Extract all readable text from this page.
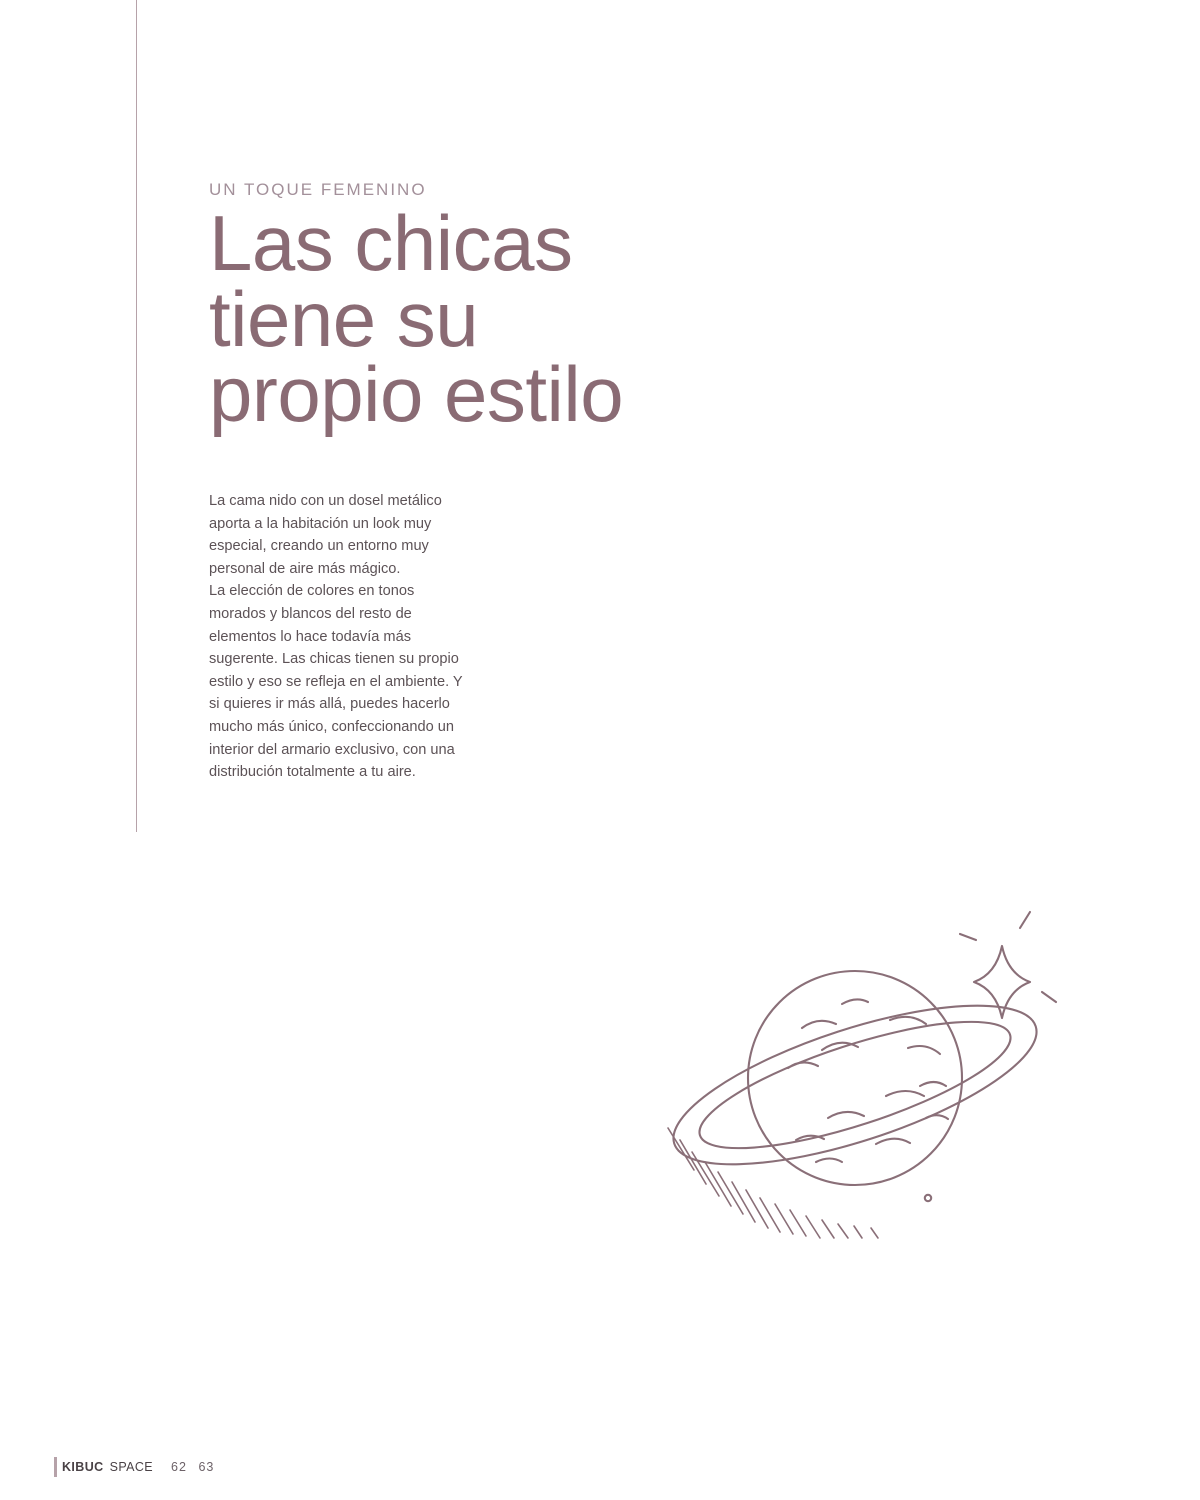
UN TOQUE FEMENINO
Las chicas
tiene su
propio estilo

La cama nido con un dosel metálico aporta a la habitación un look muy especial, creando un entorno muy personal de aire más mágico.

La elección de colores en tonos morados y blancos del resto de elementos lo hace todavía más sugerente. Las chicas tienen su propio estilo y eso se refleja en el ambiente. Y si quieres ir más allá, puedes hacerlo mucho más único, confeccionando un interior del armario exclusivo, con una distribución totalmente a tu aire.

KIBUC SPACE 62 63
